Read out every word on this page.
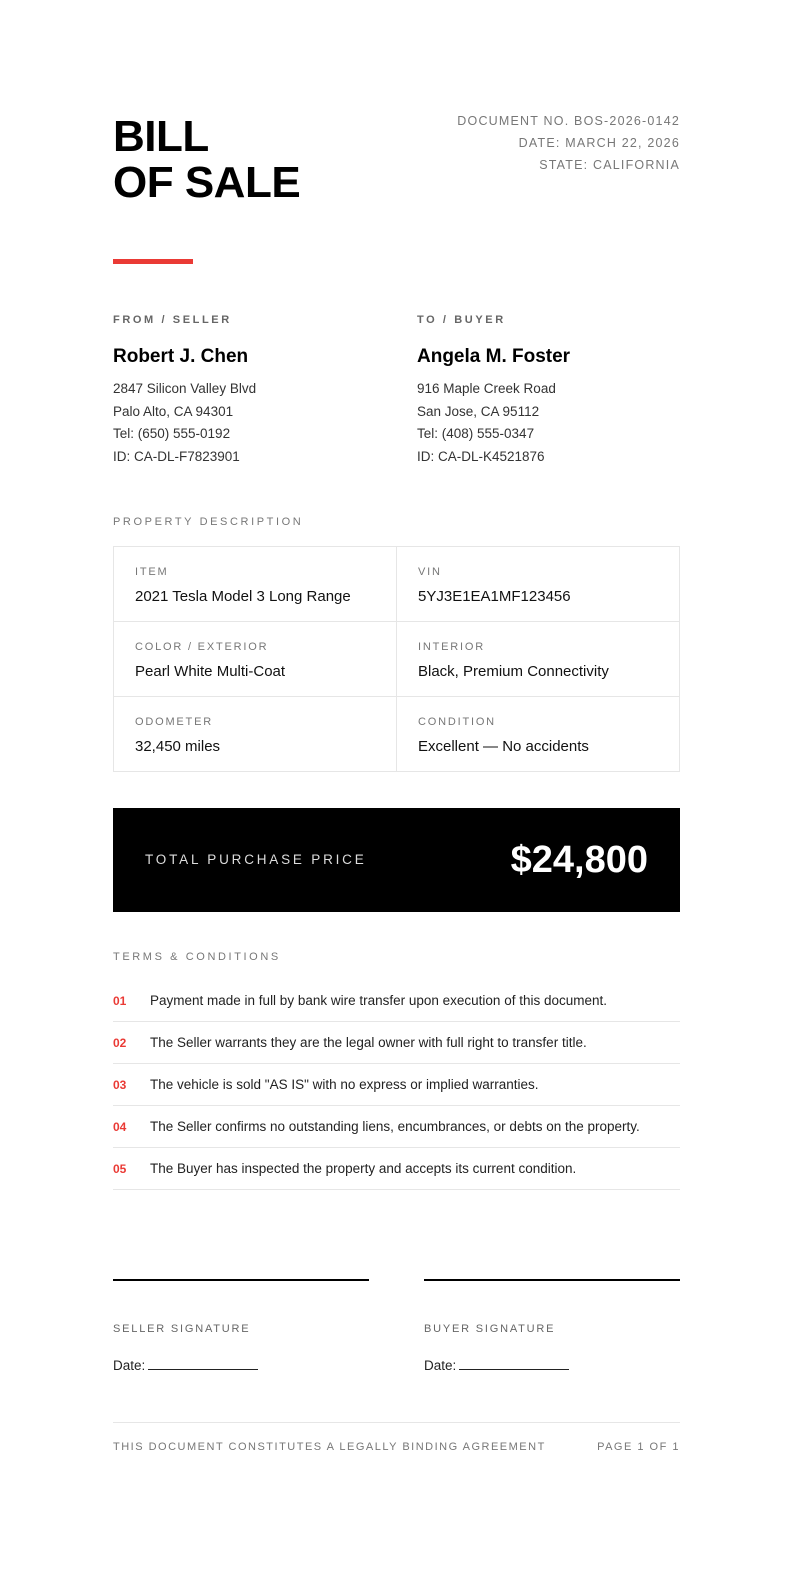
BILL
OF SALE
DOCUMENT NO. BOS-2026-0142
DATE: MARCH 22, 2026
STATE: CALIFORNIA
FROM / SELLER
Robert J. Chen
2847 Silicon Valley Blvd
Palo Alto, CA 94301
Tel: (650) 555-0192
ID: CA-DL-F7823901
TO / BUYER
Angela M. Foster
916 Maple Creek Road
San Jose, CA 95112
Tel: (408) 555-0347
ID: CA-DL-K4521876
PROPERTY DESCRIPTION
ITEM
2021 Tesla Model 3 Long Range
VIN
5YJ3E1EA1MF123456
COLOR / EXTERIOR
Pearl White Multi-Coat
INTERIOR
Black, Premium Connectivity
ODOMETER
32,450 miles
CONDITION
Excellent — No accidents
TOTAL PURCHASE PRICE	$24,800
TERMS & CONDITIONS
01	Payment made in full by bank wire transfer upon execution of this document.
02	The Seller warrants they are the legal owner with full right to transfer title.
03	The vehicle is sold "AS IS" with no express or implied warranties.
04	The Seller confirms no outstanding liens, encumbrances, or debts on the property.
05	The Buyer has inspected the property and accepts its current condition.
SELLER SIGNATURE
Date:
BUYER SIGNATURE
Date:
THIS DOCUMENT CONSTITUTES A LEGALLY BINDING AGREEMENT	PAGE 1 OF 1
